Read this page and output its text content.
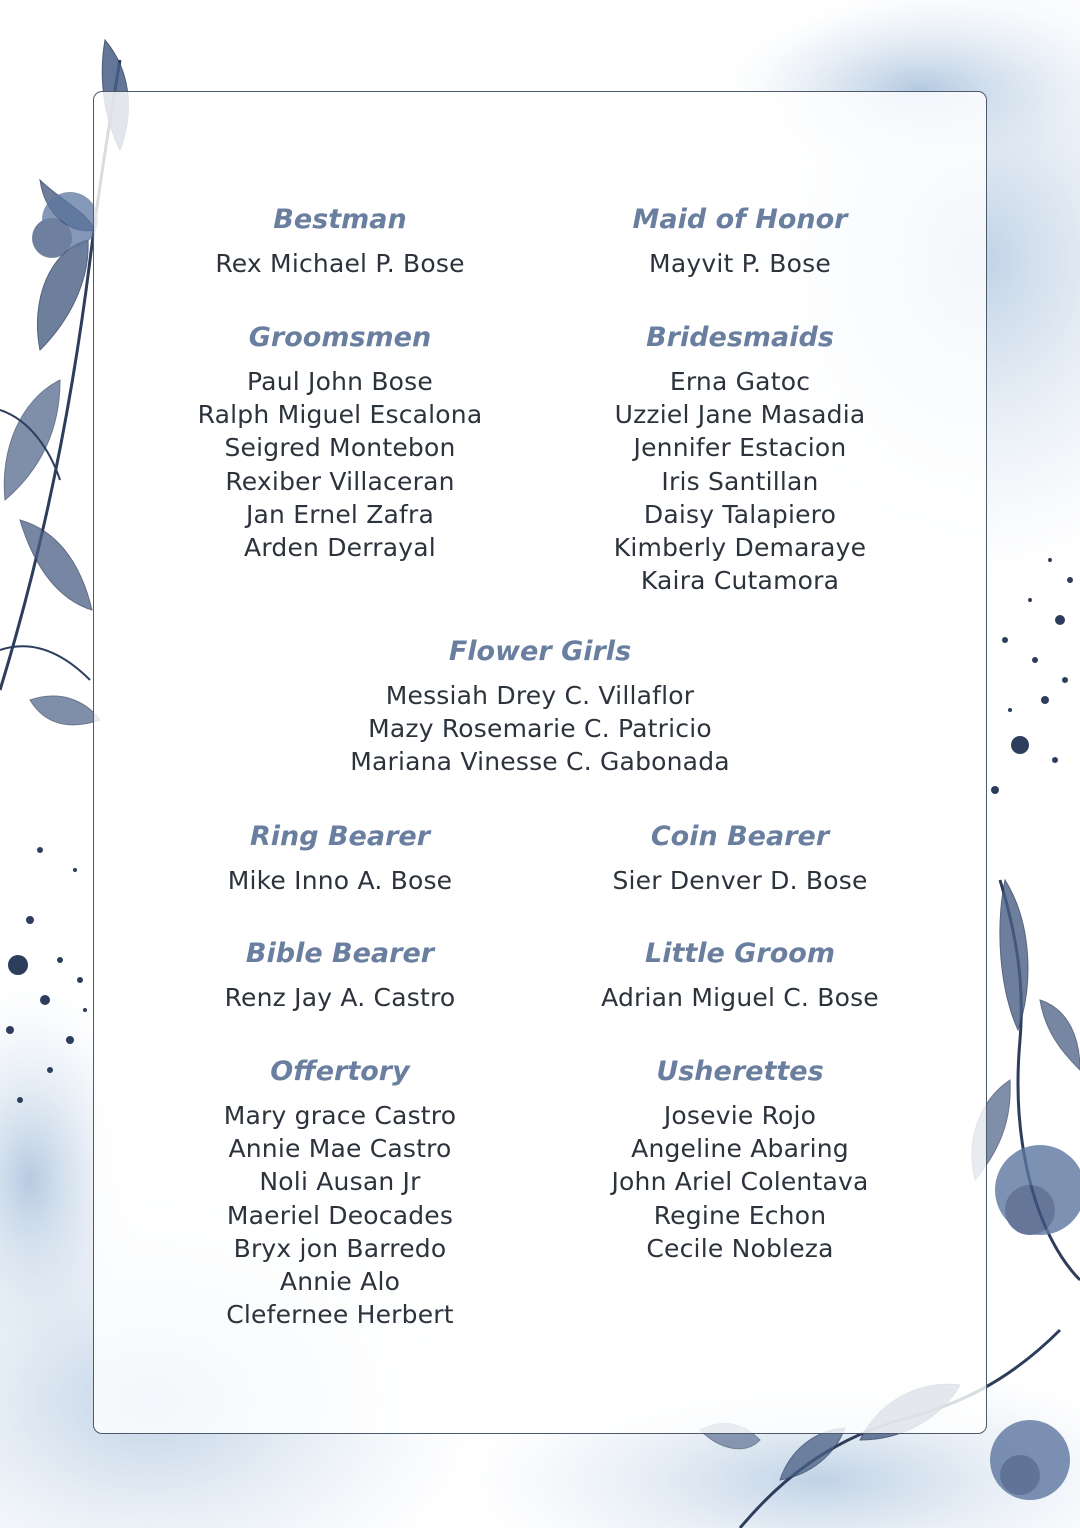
Bestman
Rex Michael P. Bose
Maid of Honor
Mayvit P. Bose
Groomsmen
Paul John Bose
Ralph Miguel Escalona
Seigred Montebon
Rexiber Villaceran
Jan Ernel Zafra
Arden Derrayal
Bridesmaids
Erna Gatoc
Uzziel Jane Masadia
Jennifer Estacion
Iris Santillan
Daisy Talapiero
Kimberly Demaraye
Kaira Cutamora
Flower Girls
Messiah Drey C. Villaflor
Mazy Rosemarie C. Patricio
Mariana Vinesse C. Gabonada
Ring Bearer
Mike Inno A. Bose
Coin Bearer
Sier Denver D. Bose
Bible Bearer
Renz Jay A. Castro
Little Groom
Adrian Miguel C. Bose
Offertory
Mary grace Castro
Annie Mae Castro
Noli Ausan Jr
Maeriel Deocades
Bryx jon Barredo
Annie Alo
Clefernee Herbert
Usherettes
Josevie Rojo
Angeline Abaring
John Ariel Colentava
Regine Echon
Cecile Nobleza
